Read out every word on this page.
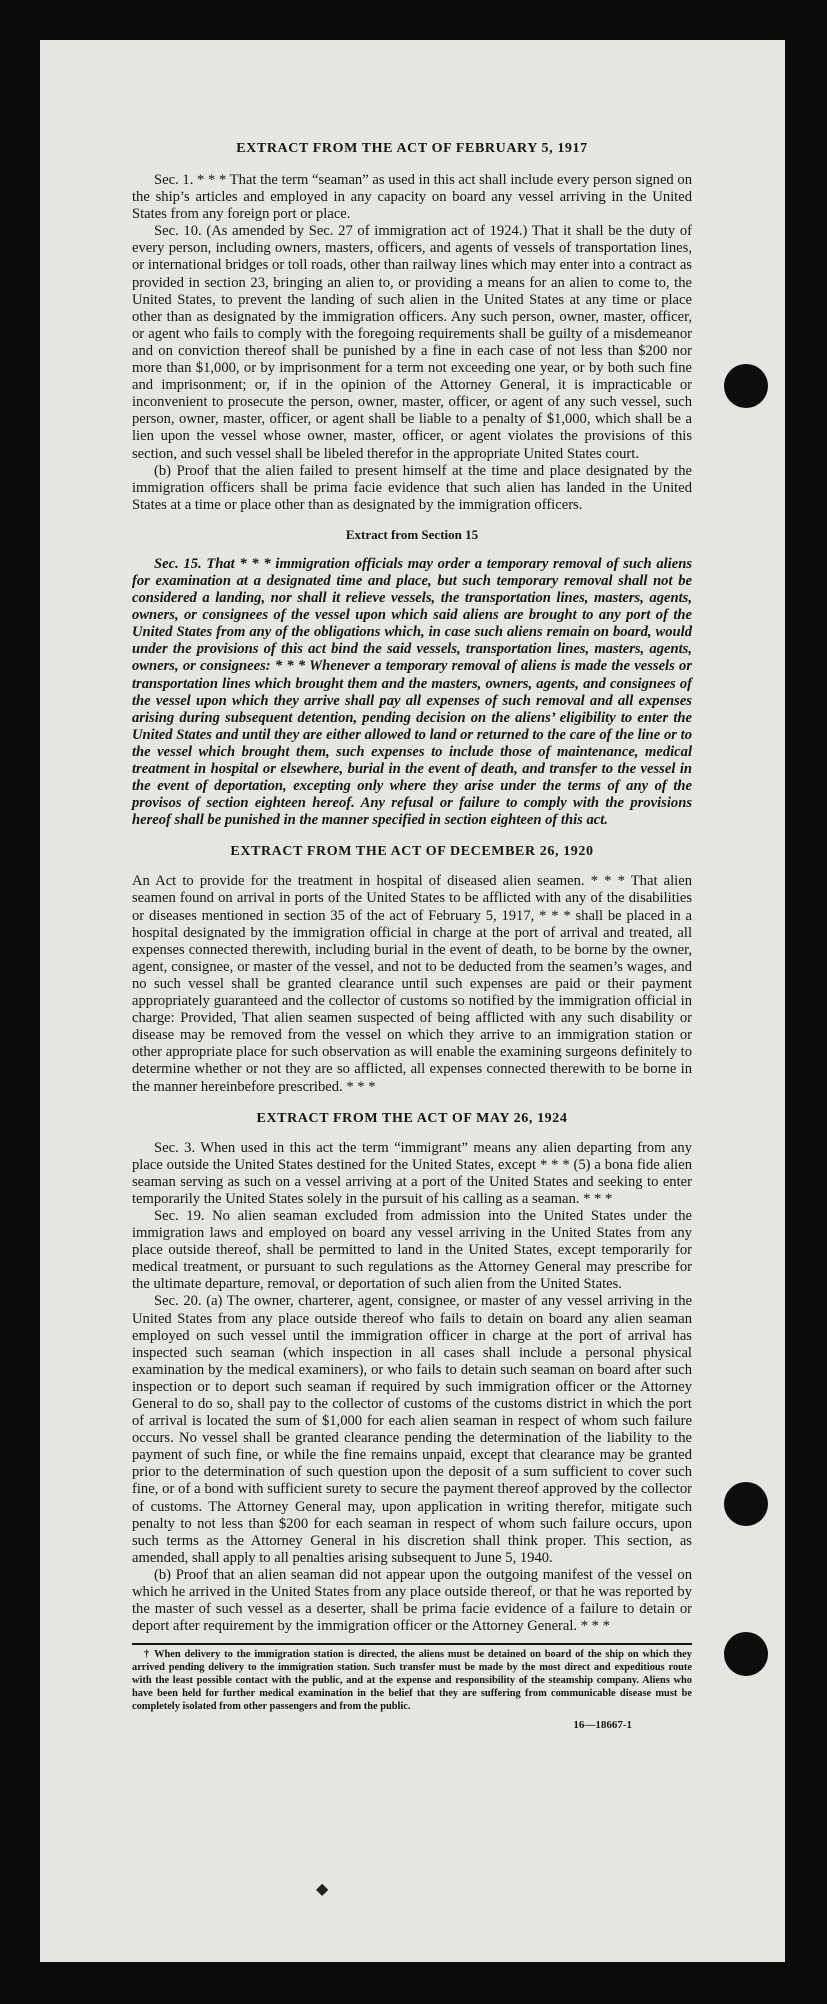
EXTRACT FROM THE ACT OF FEBRUARY 5, 1917

Sec. 1. * * * That the term “seaman” as used in this act shall include every person signed on the ship’s articles and employed in any capacity on board any vessel arriving in the United States from any foreign port or place.

Sec. 10. (As amended by Sec. 27 of immigration act of 1924.) That it shall be the duty of every person, including owners, masters, officers, and agents of vessels of transportation lines, or international bridges or toll roads, other than railway lines which may enter into a contract as provided in section 23, bringing an alien to, or providing a means for an alien to come to, the United States, to prevent the landing of such alien in the United States at any time or place other than as designated by the immigration officers. Any such person, owner, master, officer, or agent who fails to comply with the foregoing requirements shall be guilty of a misdemeanor and on conviction thereof shall be punished by a fine in each case of not less than $200 nor more than $1,000, or by imprisonment for a term not exceeding one year, or by both such fine and imprisonment; or, if in the opinion of the Attorney General, it is impracticable or inconvenient to prosecute the person, owner, master, officer, or agent of any such vessel, such person, owner, master, officer, or agent shall be liable to a penalty of $1,000, which shall be a lien upon the vessel whose owner, master, officer, or agent violates the provisions of this section, and such vessel shall be libeled therefor in the appropriate United States court.

(b) Proof that the alien failed to present himself at the time and place designated by the immigration officers shall be prima facie evidence that such alien has landed in the United States at a time or place other than as designated by the immigration officers.

Extract from Section 15

Sec. 15. That * * * immigration officials may order a temporary removal of such aliens for examination at a designated time and place, but such temporary removal shall not be considered a landing, nor shall it relieve vessels, the transportation lines, masters, agents, owners, or consignees of the vessel upon which said aliens are brought to any port of the United States from any of the obligations which, in case such aliens remain on board, would under the provisions of this act bind the said vessels, transportation lines, masters, agents, owners, or consignees: * * * Whenever a temporary removal of aliens is made the vessels or transportation lines which brought them and the masters, owners, agents, and consignees of the vessel upon which they arrive shall pay all expenses of such removal and all expenses arising during subsequent detention, pending decision on the aliens’ eligibility to enter the United States and until they are either allowed to land or returned to the care of the line or to the vessel which brought them, such expenses to include those of maintenance, medical treatment in hospital or elsewhere, burial in the event of death, and transfer to the vessel in the event of deportation, excepting only where they arise under the terms of any of the provisos of section eighteen hereof. Any refusal or failure to comply with the provisions hereof shall be punished in the manner specified in section eighteen of this act.

EXTRACT FROM THE ACT OF DECEMBER 26, 1920

An Act to provide for the treatment in hospital of diseased alien seamen. * * * That alien seamen found on arrival in ports of the United States to be afflicted with any of the disabilities or diseases mentioned in section 35 of the act of February 5, 1917, * * * shall be placed in a hospital designated by the immigration official in charge at the port of arrival and treated, all expenses connected therewith, including burial in the event of death, to be borne by the owner, agent, consignee, or master of the vessel, and not to be deducted from the seamen’s wages, and no such vessel shall be granted clearance until such expenses are paid or their payment appropriately guaranteed and the collector of customs so notified by the immigration official in charge: Provided, That alien seamen suspected of being afflicted with any such disability or disease may be removed from the vessel on which they arrive to an immigration station or other appropriate place for such observation as will enable the examining surgeons definitely to determine whether or not they are so afflicted, all expenses connected therewith to be borne in the manner hereinbefore prescribed. * * *

EXTRACT FROM THE ACT OF MAY 26, 1924

Sec. 3. When used in this act the term “immigrant” means any alien departing from any place outside the United States destined for the United States, except * * * (5) a bona fide alien seaman serving as such on a vessel arriving at a port of the United States and seeking to enter temporarily the United States solely in the pursuit of his calling as a seaman. * * *

Sec. 19. No alien seaman excluded from admission into the United States under the immigration laws and employed on board any vessel arriving in the United States from any place outside thereof, shall be permitted to land in the United States, except temporarily for medical treatment, or pursuant to such regulations as the Attorney General may prescribe for the ultimate departure, removal, or deportation of such alien from the United States.

Sec. 20. (a) The owner, charterer, agent, consignee, or master of any vessel arriving in the United States from any place outside thereof who fails to detain on board any alien seaman employed on such vessel until the immigration officer in charge at the port of arrival has inspected such seaman (which inspection in all cases shall include a personal physical examination by the medical examiners), or who fails to detain such seaman on board after such inspection or to deport such seaman if required by such immigration officer or the Attorney General to do so, shall pay to the collector of customs of the customs district in which the port of arrival is located the sum of $1,000 for each alien seaman in respect of whom such failure occurs. No vessel shall be granted clearance pending the determination of the liability to the payment of such fine, or while the fine remains unpaid, except that clearance may be granted prior to the determination of such question upon the deposit of a sum sufficient to cover such fine, or of a bond with sufficient surety to secure the payment thereof approved by the collector of customs. The Attorney General may, upon application in writing therefor, mitigate such penalty to not less than $200 for each seaman in respect of whom such failure occurs, upon such terms as the Attorney General in his discretion shall think proper. This section, as amended, shall apply to all penalties arising subsequent to June 5, 1940.

(b) Proof that an alien seaman did not appear upon the outgoing manifest of the vessel on which he arrived in the United States from any place outside thereof, or that he was reported by the master of such vessel as a deserter, shall be prima facie evidence of a failure to detain or deport after requirement by the immigration officer or the Attorney General. * * *

† When delivery to the immigration station is directed, the aliens must be detained on board of the ship on which they arrived pending delivery to the immigration station. Such transfer must be made by the most direct and expeditious route with the least possible contact with the public, and at the expense and responsibility of the steamship company. Aliens who have been held for further medical examination in the belief that they are suffering from communicable disease must be completely isolated from other passengers and from the public.

16—18667-1
◆
